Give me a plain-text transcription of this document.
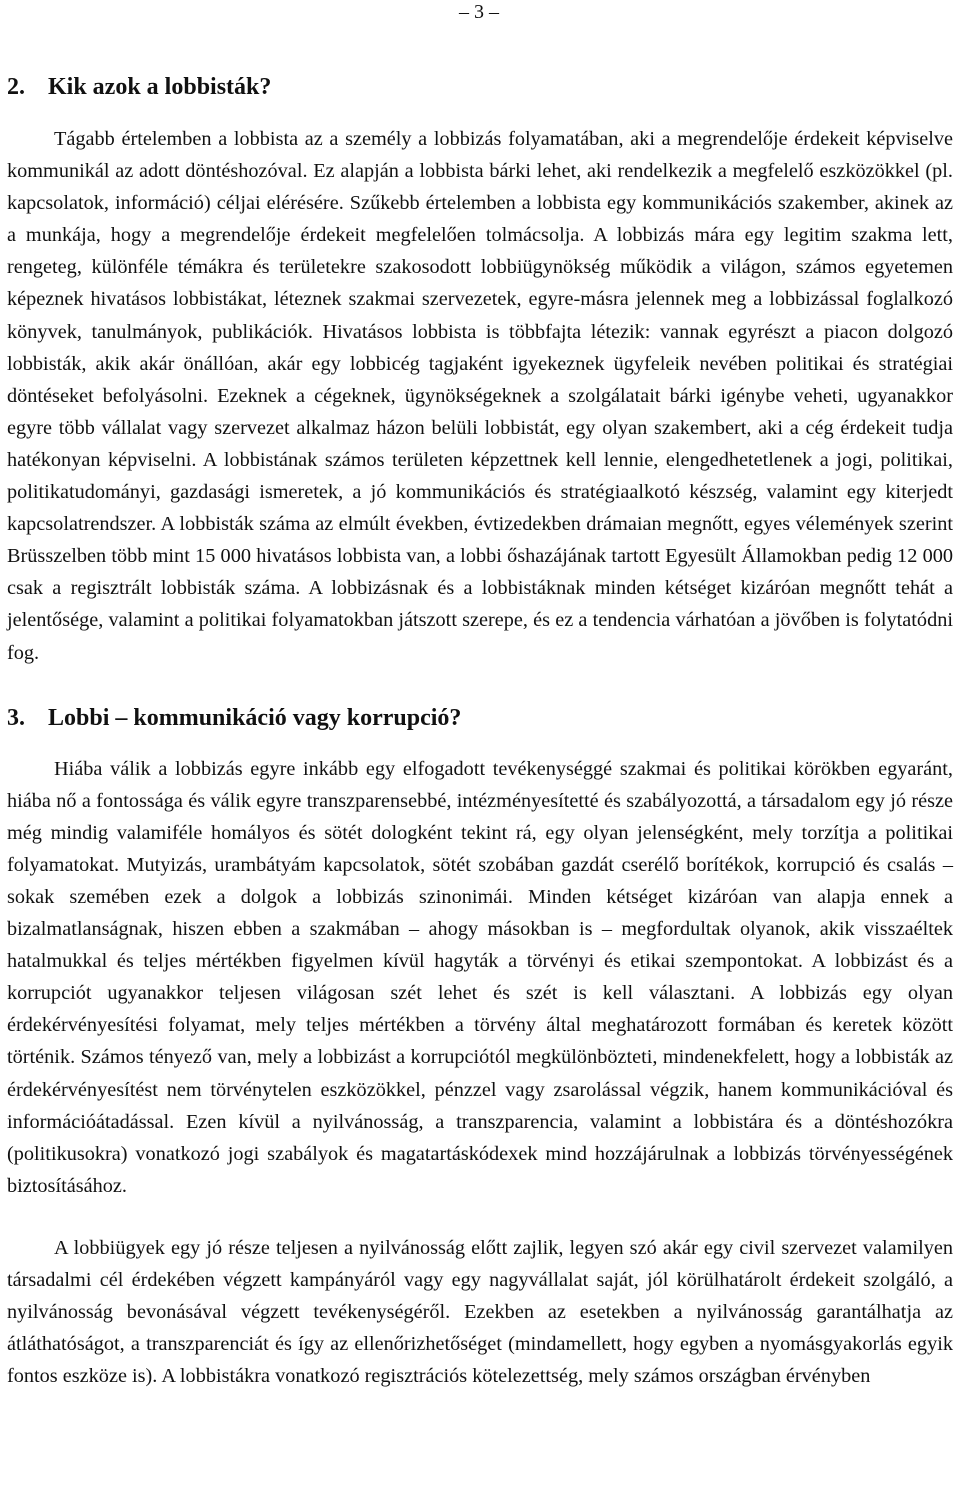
– 3 –
2. Kik azok a lobbisták?

Tágabb értelemben a lobbista az a személy a lobbizás folyamatában, aki a megrendelője érdekeit képviselve kommunikál az adott döntéshozóval. Ez alapján a lobbista bárki lehet, aki rendelkezik a megfelelő eszközökkel (pl. kapcsolatok, információ) céljai elérésére. Szűkebb értelemben a lobbista egy kommunikációs szakember, akinek az a munkája, hogy a megrendelője érdekeit megfelelően tolmácsolja. A lobbizás mára egy legitim szakma lett, rengeteg, különféle témákra és területekre szakosodott lobbiügynökség működik a világon, számos egyetemen képeznek hivatásos lobbistákat, léteznek szakmai szervezetek, egyre-másra jelennek meg a lobbizással foglalkozó könyvek, tanulmányok, publikációk. Hivatásos lobbista is többfajta létezik: vannak egyrészt a piacon dolgozó lobbisták, akik akár önállóan, akár egy lobbicég tagjaként igyekeznek ügyfeleik nevében politikai és stratégiai döntéseket befolyásolni. Ezeknek a cégeknek, ügynökségeknek a szolgálatait bárki igénybe veheti, ugyanakkor egyre több vállalat vagy szervezet alkalmaz házon belüli lobbistát, egy olyan szakembert, aki a cég érdekeit tudja hatékonyan képviselni. A lobbistának számos területen képzettnek kell lennie, elengedhetetlenek a jogi, politikai, politikatudományi, gazdasági ismeretek, a jó kommunikációs és stratégiaalkotó készség, valamint egy kiterjedt kapcsolatrendszer. A lobbisták száma az elmúlt években, évtizedekben drámaian megnőtt, egyes vélemények szerint Brüsszelben több mint 15 000 hivatásos lobbista van, a lobbi őshazájának tartott Egyesült Államokban pedig 12 000 csak a regisztrált lobbisták száma. A lobbizásnak és a lobbistáknak minden kétséget kizáróan megnőtt tehát a jelentősége, valamint a politikai folyamatokban játszott szerepe, és ez a tendencia várhatóan a jövőben is folytatódni fog.

3. Lobbi – kommunikáció vagy korrupció?

Hiába válik a lobbizás egyre inkább egy elfogadott tevékenységgé szakmai és politikai körökben egyaránt, hiába nő a fontossága és válik egyre transzparensebbé, intézményesítetté és szabályozottá, a társadalom egy jó része még mindig valamiféle homályos és sötét dologként tekint rá, egy olyan jelenségként, mely torzítja a politikai folyamatokat. Mutyizás, urambátyám kapcsolatok, sötét szobában gazdát cserélő borítékok, korrupció és csalás – sokak szemében ezek a dolgok a lobbizás szinonimái. Minden kétséget kizáróan van alapja ennek a bizalmatlanságnak, hiszen ebben a szakmában – ahogy másokban is – megfordultak olyanok, akik visszaéltek hatalmukkal és teljes mértékben figyelmen kívül hagyták a törvényi és etikai szempontokat. A lobbizást és a korrupciót ugyanakkor teljesen világosan szét lehet és szét is kell választani. A lobbizás egy olyan érdekérvényesítési folyamat, mely teljes mértékben a törvény által meghatározott formában és keretek között történik. Számos tényező van, mely a lobbizást a korrupciótól megkülönbözteti, mindenekfelett, hogy a lobbisták az érdekérvényesítést nem törvénytelen eszközökkel, pénzzel vagy zsarolással végzik, hanem kommunikációval és információátadással. Ezen kívül a nyilvánosság, a transzparencia, valamint a lobbistára és a döntéshozókra (politikusokra) vonatkozó jogi szabályok és magatartáskódexek mind hozzájárulnak a lobbizás törvényességének biztosításához.

A lobbiügyek egy jó része teljesen a nyilvánosság előtt zajlik, legyen szó akár egy civil szervezet valamilyen társadalmi cél érdekében végzett kampányáról vagy egy nagyvállalat saját, jól körülhatárolt érdekeit szolgáló, a nyilvánosság bevonásával végzett tevékenységéről. Ezekben az esetekben a nyilvánosság garantálhatja az átláthatóságot, a transzparenciát és így az ellenőrizhetőséget (mindamellett, hogy egyben a nyomásgyakorlás egyik fontos eszköze is). A lobbistákra vonatkozó regisztrációs kötelezettség, mely számos országban érvényben
